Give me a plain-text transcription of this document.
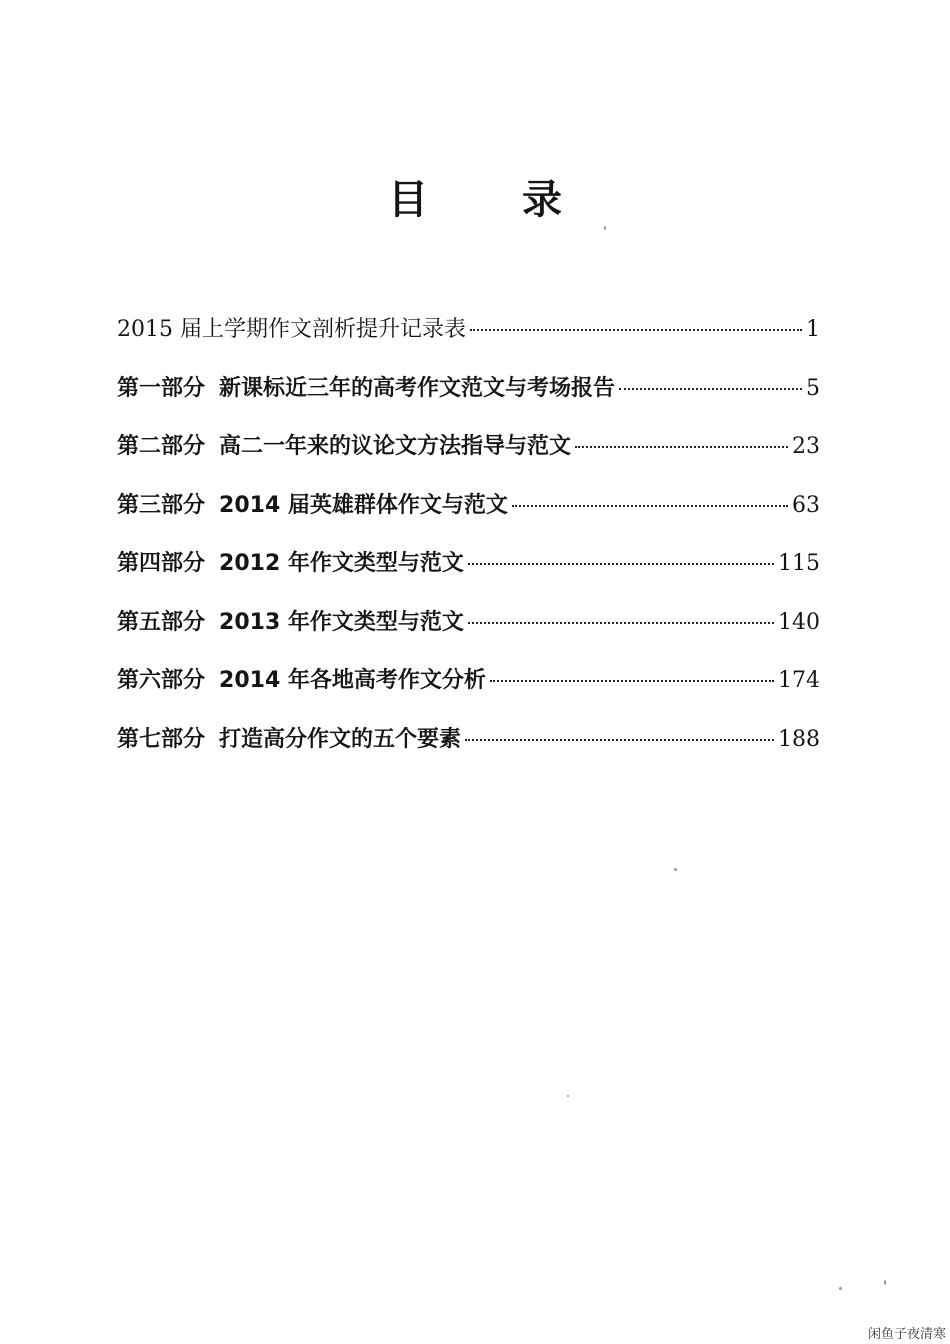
目 录
2015 届上学期作文剖析提升记录表	1
第一部分 新课标近三年的高考作文范文与考场报告	5
第二部分 高二一年来的议论文方法指导与范文	23
第三部分 2014 届英雄群体作文与范文	63
第四部分 2012 年作文类型与范文	115
第五部分 2013 年作文类型与范文	140
第六部分 2014 年各地高考作文分析	174
第七部分 打造高分作文的五个要素	188
闲鱼子夜清寒
